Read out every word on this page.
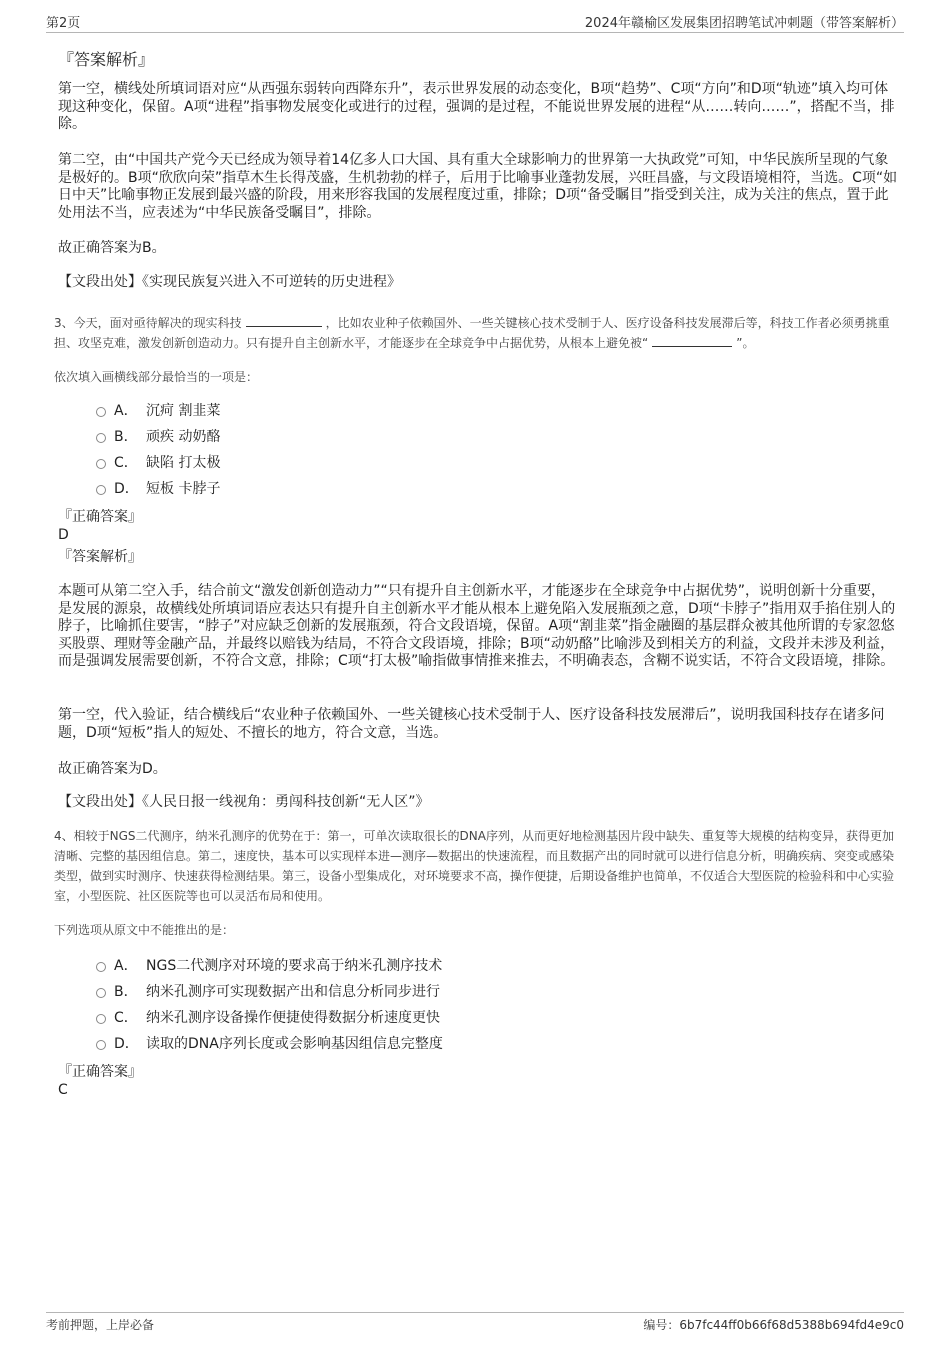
第2页	2024年赣榆区发展集团招聘笔试冲刺题（带答案解析）
『答案解析』

第一空，横线处所填词语对应“从西强东弱转向西降东升”，表示世界发展的动态变化，B项“趋势”、C项“方向”和D项“轨迹”填入均可体现这种变化，保留。A项“进程”指事物发展变化或进行的过程，强调的是过程，不能说世界发展的进程“从……转向……”，搭配不当，排除。

第二空，由“中国共产党今天已经成为领导着14亿多人口大国、具有重大全球影响力的世界第一大执政党”可知，中华民族所呈现的气象是极好的。B项“欣欣向荣”指草木生长得茂盛，生机勃勃的样子，后用于比喻事业蓬勃发展，兴旺昌盛，与文段语境相符，当选。C项“如日中天”比喻事物正发展到最兴盛的阶段，用来形容我国的发展程度过重，排除；D项“备受瞩目”指受到关注，成为关注的焦点，置于此处用法不当，应表述为“中华民族备受瞩目”，排除。

故正确答案为B。

【文段出处】《实现民族复兴进入不可逆转的历史进程》

3、今天，面对亟待解决的现实科技	，比如农业种子依赖国外、一些关键核心技术受制于人、医疗设备科技发展滞后等，科技工作者必须勇挑重担、攻坚克难，激发创新创造动力。只有提升自主创新水平，才能逐步在全球竞争中占据优势，从根本上避免被“	”。

依次填入画横线部分最恰当的一项是：

A． 沉疴 割韭菜
B． 顽疾 动奶酪
C． 缺陷 打太极
D． 短板 卡脖子
『正确答案』
D
『答案解析』

本题可从第二空入手，结合前文“激发创新创造动力”“只有提升自主创新水平，才能逐步在全球竞争中占据优势”，说明创新十分重要，是发展的源泉，故横线处所填词语应表达只有提升自主创新水平才能从根本上避免陷入发展瓶颈之意，D项“卡脖子”指用双手掐住别人的脖子，比喻抓住要害，“脖子”对应缺乏创新的发展瓶颈，符合文段语境，保留。A项“割韭菜”指金融圈的基层群众被其他所谓的专家忽悠买股票、理财等金融产品，并最终以赔钱为结局，不符合文段语境，排除；B项“动奶酪”比喻涉及到相关方的利益，文段并未涉及利益，而是强调发展需要创新，不符合文意，排除；C项“打太极”喻指做事情推来推去，不明确表态，含糊不说实话，不符合文段语境，排除。

第一空，代入验证，结合横线后“农业种子依赖国外、一些关键核心技术受制于人、医疗设备科技发展滞后”，说明我国科技存在诸多问题，D项“短板”指人的短处、不擅长的地方，符合文意，当选。

故正确答案为D。

【文段出处】《人民日报一线视角：勇闯科技创新“无人区”》

4、相较于NGS二代测序，纳米孔测序的优势在于：第一，可单次读取很长的DNA序列，从而更好地检测基因片段中缺失、重复等大规模的结构变异，获得更加清晰、完整的基因组信息。第二，速度快，基本可以实现样本进—测序—数据出的快速流程，而且数据产出的同时就可以进行信息分析，明确疾病、突变或感染类型，做到实时测序、快速获得检测结果。第三，设备小型集成化，对环境要求不高，操作便捷，后期设备维护也简单，不仅适合大型医院的检验科和中心实验室，小型医院、社区医院等也可以灵活布局和使用。

下列选项从原文中不能推出的是：

A． NGS二代测序对环境的要求高于纳米孔测序技术
B． 纳米孔测序可实现数据产出和信息分析同步进行
C． 纳米孔测序设备操作便捷使得数据分析速度更快
D． 读取的DNA序列长度或会影响基因组信息完整度
『正确答案』
C
考前押题，上岸必备	编号：6b7fc44ff0b66f68d5388b694fd4e9c0
